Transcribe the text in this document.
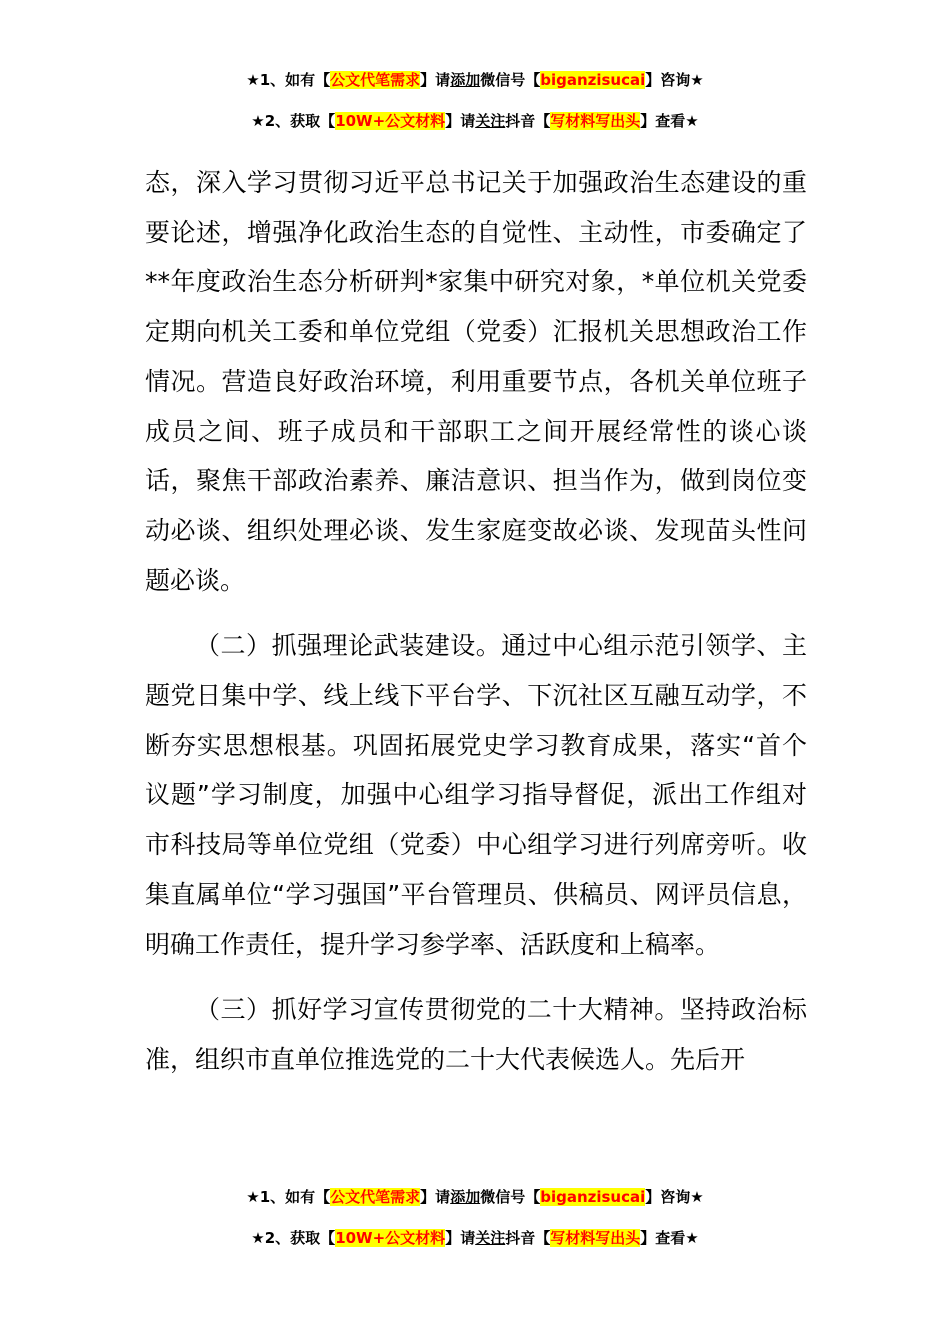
★1、如有【公文代笔需求】请添加微信号【biganzisucai】咨询★
★2、获取【10W+公文材料】请关注抖音【写材料写出头】查看★

态，深入学习贯彻习近平总书记关于加强政治生态建设的重要论述，增强净化政治生态的自觉性、主动性，市委确定了**年度政治生态分析研判*家集中研究对象，*单位机关党委定期向机关工委和单位党组（党委）汇报机关思想政治工作情况。营造良好政治环境，利用重要节点，各机关单位班子成员之间、班子成员和干部职工之间开展经常性的谈心谈话，聚焦干部政治素养、廉洁意识、担当作为，做到岗位变动必谈、组织处理必谈、发生家庭变故必谈、发现苗头性问题必谈。

（二）抓强理论武装建设。通过中心组示范引领学、主题党日集中学、线上线下平台学、下沉社区互融互动学，不断夯实思想根基。巩固拓展党史学习教育成果，落实“首个议题”学习制度，加强中心组学习指导督促，派出工作组对市科技局等单位党组（党委）中心组学习进行列席旁听。收集直属单位“学习强国”平台管理员、供稿员、网评员信息，明确工作责任，提升学习参学率、活跃度和上稿率。

（三）抓好学习宣传贯彻党的二十大精神。坚持政治标准，组织市直单位推选党的二十大代表候选人。先后开

★1、如有【公文代笔需求】请添加微信号【biganzisucai】咨询★
★2、获取【10W+公文材料】请关注抖音【写材料写出头】查看★
